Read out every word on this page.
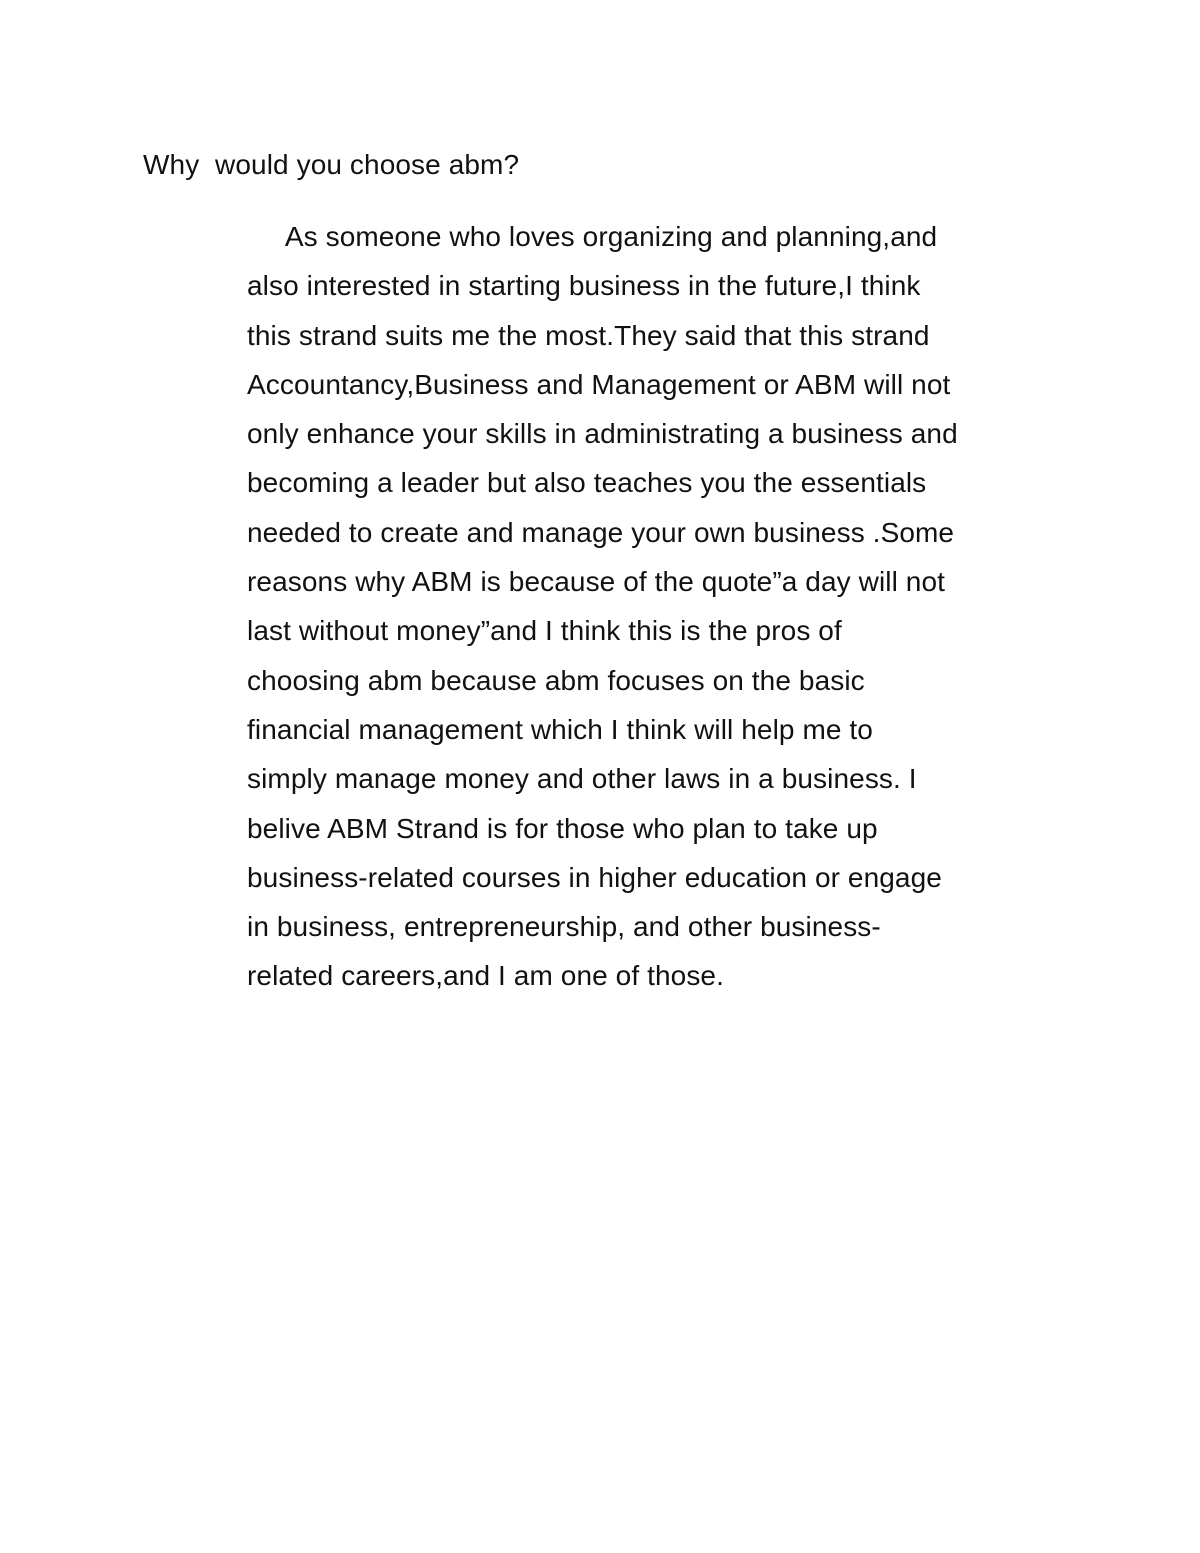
Why  would you choose abm?
As someone who loves organizing and planning,and
also interested in starting business in the future,I think
this strand suits me the most.They said that this strand
Accountancy,Business and Management or ABM will not
only enhance your skills in administrating a business and
becoming a leader but also teaches you the essentials
needed to create and manage your own business .Some
reasons why ABM is because of the quote”a day will not
last without money”and I think this is the pros of
choosing abm because abm focuses on the basic
financial management which I think will help me to
simply manage money and other laws in a business. I
belive ABM Strand is for those who plan to take up
business-related courses in higher education or engage
in business, entrepreneurship, and other business-
related careers,and I am one of those.
